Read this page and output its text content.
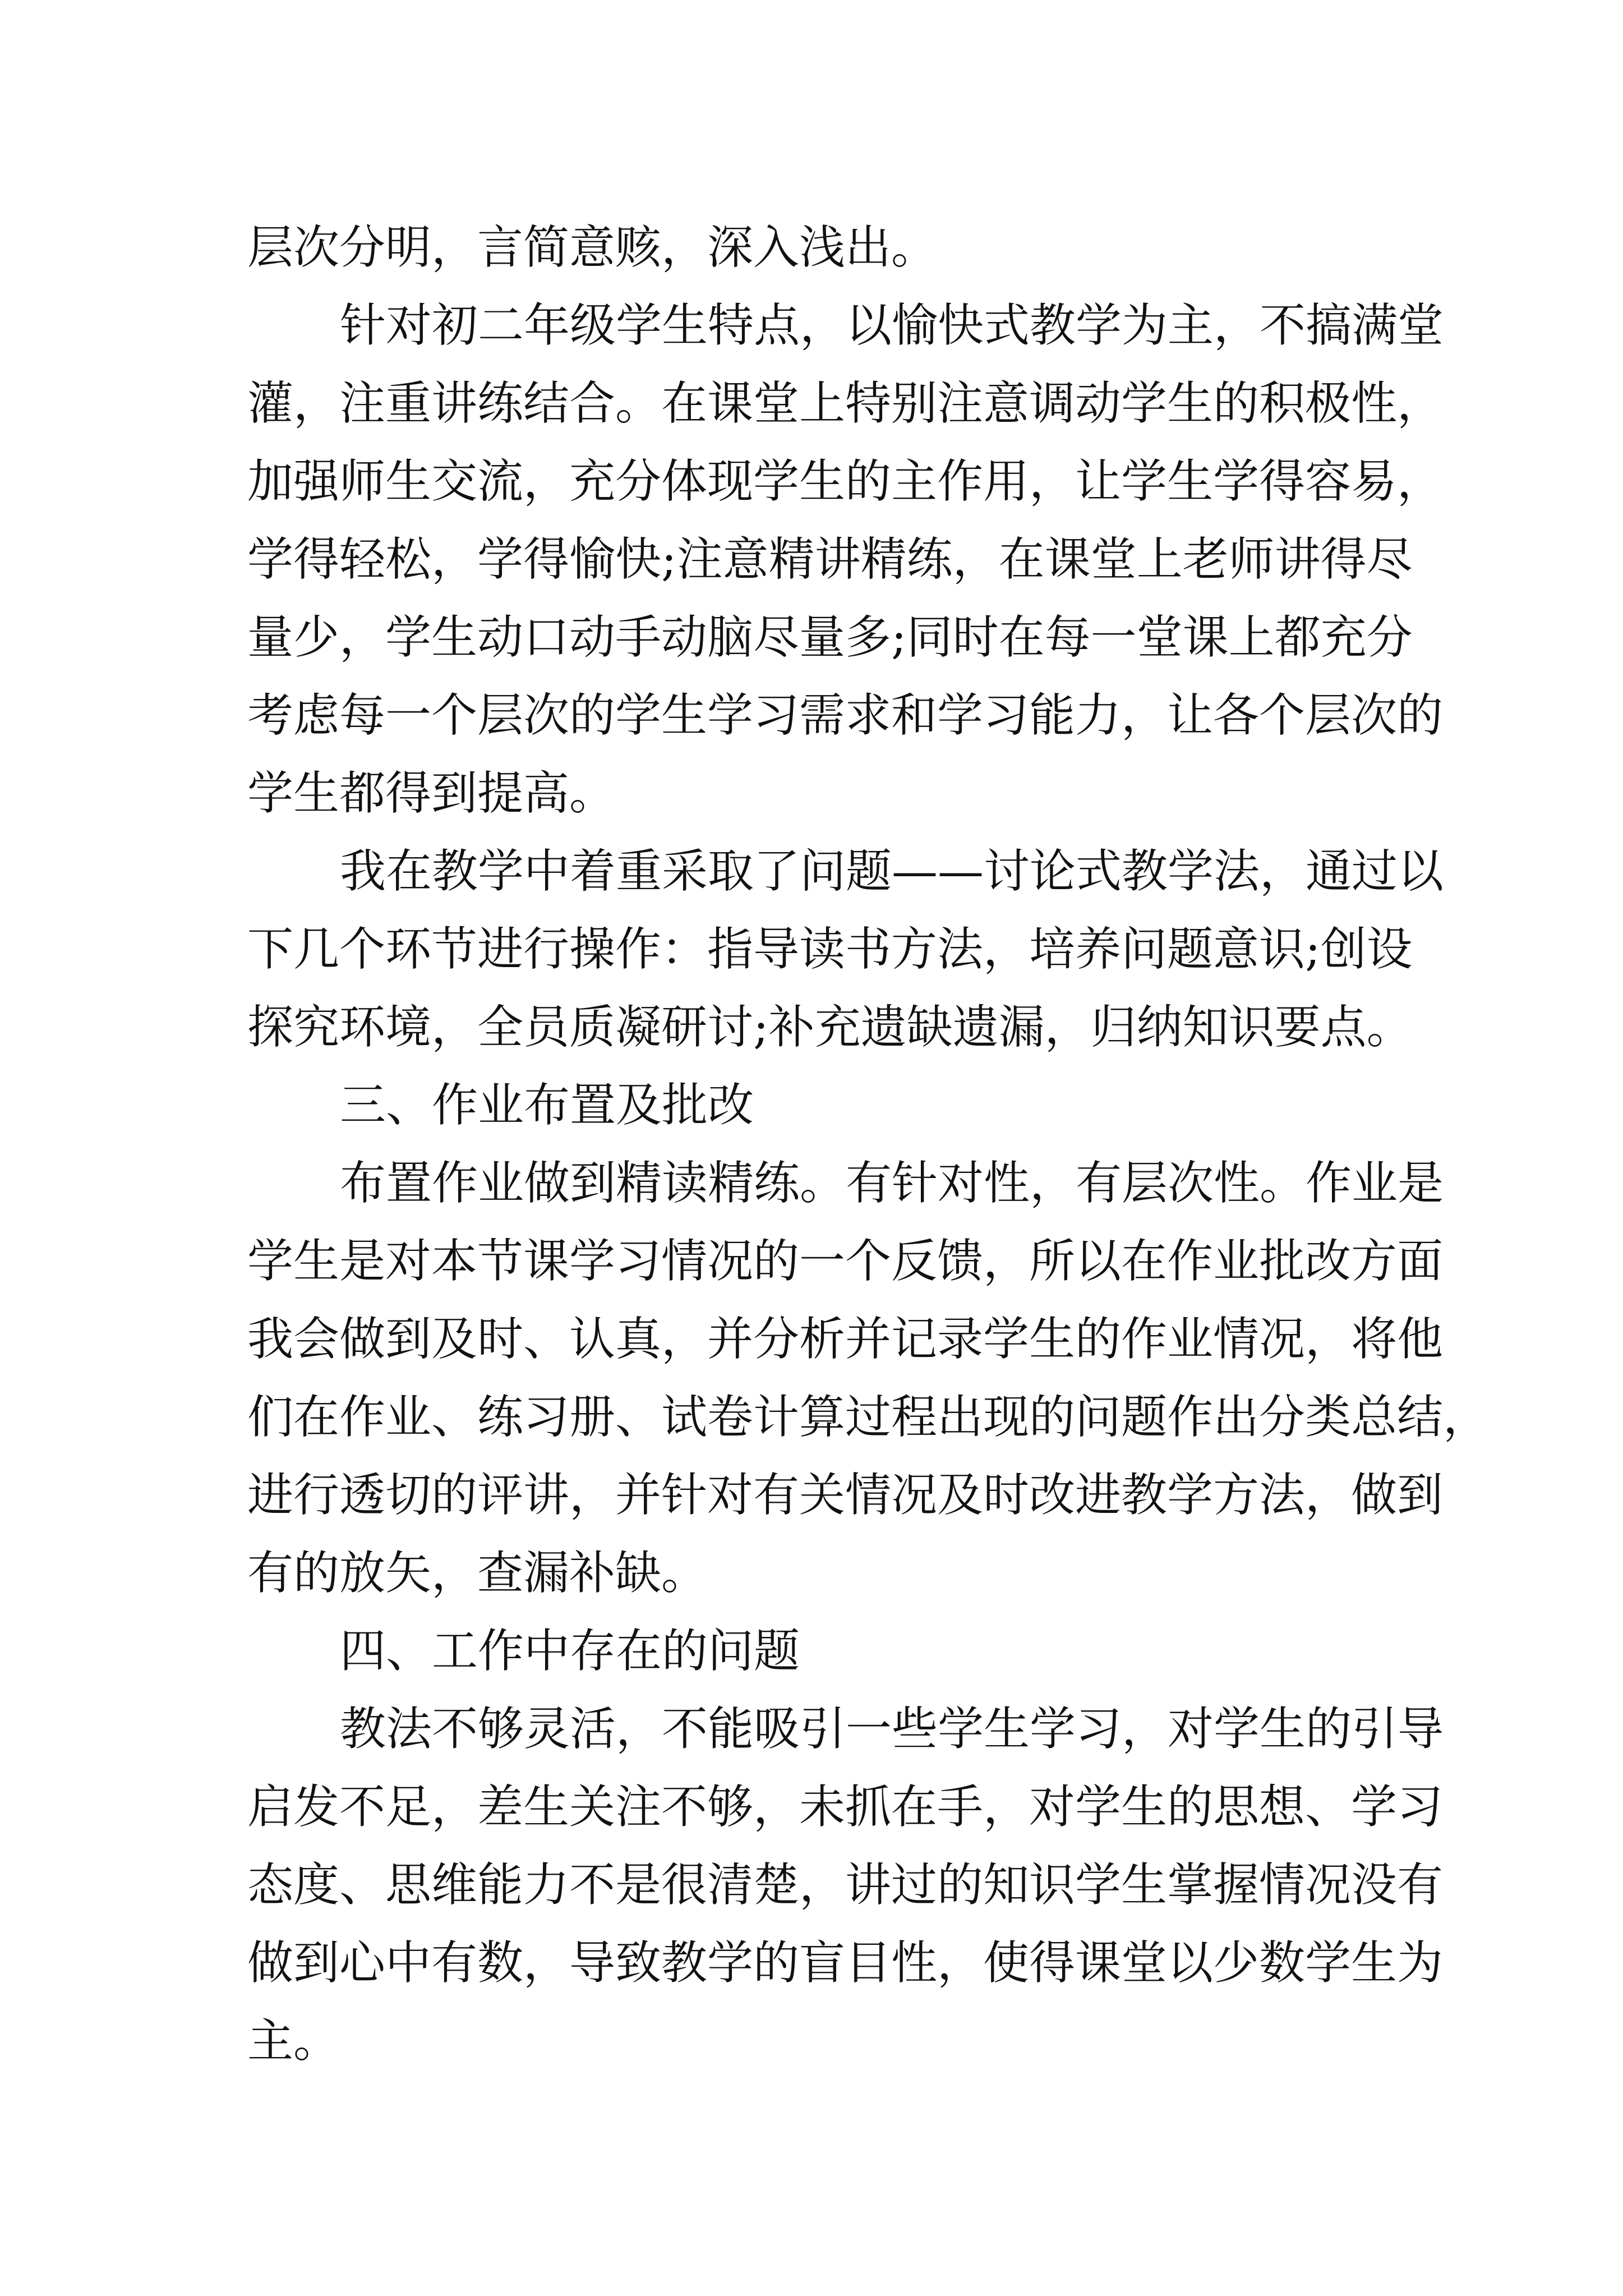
层次分明，言简意赅，深入浅出。
针对初二年级学生特点，以愉快式教学为主，不搞满堂
灌，注重讲练结合。在课堂上特别注意调动学生的积极性，
加强师生交流，充分体现学生的主作用，让学生学得容易，
学得轻松，学得愉快;注意精讲精练，在课堂上老师讲得尽
量少，学生动口动手动脑尽量多;同时在每一堂课上都充分
考虑每一个层次的学生学习需求和学习能力，让各个层次的
学生都得到提高。
我在教学中着重采取了问题——讨论式教学法，通过以
下几个环节进行操作：指导读书方法，培养问题意识;创设
探究环境，全员质凝研讨;补充遗缺遗漏，归纳知识要点。
三、作业布置及批改
布置作业做到精读精练。有针对性，有层次性。作业是
学生是对本节课学习情况的一个反馈，所以在作业批改方面
我会做到及时、认真，并分析并记录学生的作业情况，将他
们在作业、练习册、试卷计算过程出现的问题作出分类总结，
进行透切的评讲，并针对有关情况及时改进教学方法，做到
有的放矢，查漏补缺。
四、工作中存在的问题
教法不够灵活，不能吸引一些学生学习，对学生的引导
启发不足，差生关注不够，未抓在手，对学生的思想、学习
态度、思维能力不是很清楚，讲过的知识学生掌握情况没有
做到心中有数，导致教学的盲目性，使得课堂以少数学生为
主。
